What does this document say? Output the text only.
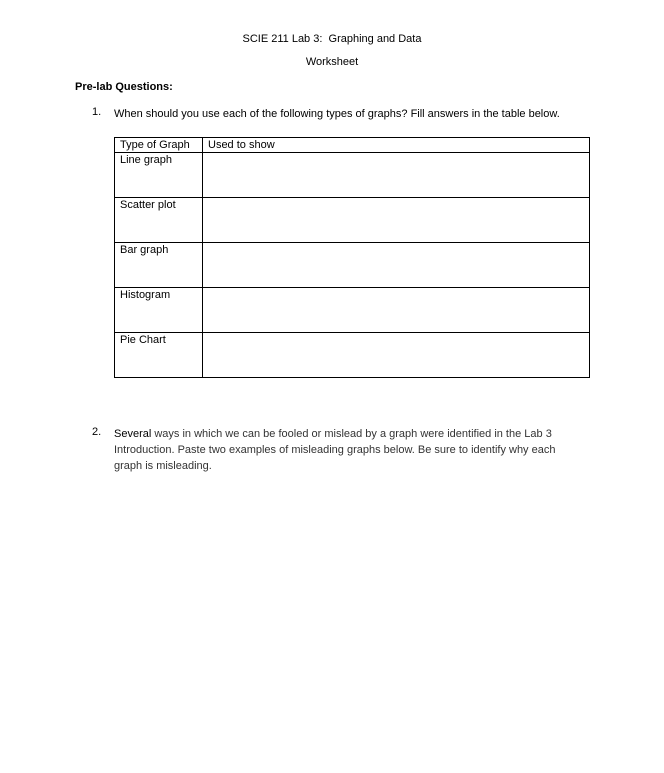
SCIE 211 Lab 3:  Graphing and Data
Worksheet
Pre-lab Questions:
1. When should you use each of the following types of graphs? Fill answers in the table below.
Type of Graph	Used to show
Line graph	
Scatter plot	
Bar graph	
Histogram	
Pie Chart	
2. Several ways in which we can be fooled or mislead by a graph were identified in the Lab 3 Introduction. Paste two examples of misleading graphs below. Be sure to identify why each graph is misleading.
